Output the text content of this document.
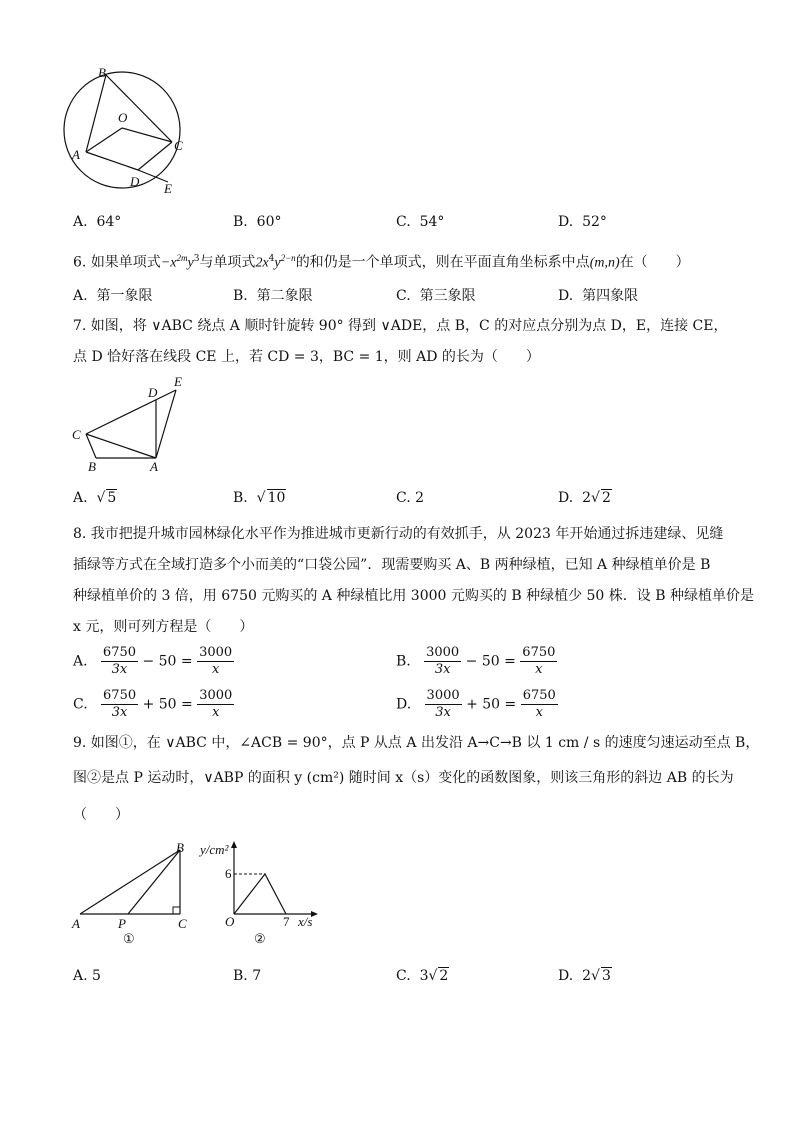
B
O
A
C
D E
A. 64°	B. 60°	C. 54°	D. 52°
6. 如果单项式$-x^{2m}y^3$与单项式$2x^4y^{2-n}$的和仍是一个单项式，则在平面直角坐标系中点(m,n)在（　　）
A. 第一象限	B. 第二象限	C. 第三象限	D. 第四象限
7. 如图，将 ∨ABC 绕点 A 顺时针旋转 90° 得到 ∨ADE，点 B，C 的对应点分别为点 D，E，连接 CE，
点 D 恰好落在线段 CE 上，若 CD = 3，BC = 1，则 AD 的长为（　　）
D
E
C
B	A
A.  √ 5	B.  √ 10	C. 2	D. 2√ 2
8. 我市把提升城市园林绿化水平作为推进城市更新行动的有效抓手，从 2023 年开始通过拆违建绿、见缝
插绿等方式在全域打造多个小而美的“口袋公园”．现需要购买 A、B 两种绿植，已知 A 种绿植单价是 B
种绿植单价的 3 倍，用 6750 元购买的 A 种绿植比用 3000 元购买的 B 种绿植少 50 株．设 B 种绿植单价是
x 元，则可列方程是（　　）
A. $\frac{6750}{3x} - 50 = \frac{3000}{x}$	B. $\frac{3000}{3x} - 50 = \frac{6750}{x}$
C. $\frac{6750}{3x} + 50 = \frac{3000}{x}$	D. $\frac{3000}{3x} + 50 = \frac{6750}{x}$
9. 如图①，在 ∨ABC 中，∠ACB = 90°，点 P 从点 A 出发沿 A→C→B 以 1 cm / s 的速度匀速运动至点 B，
图②是点 P 运动时，∨ABP 的面积 y (cm²) 随时间 x（s）变化的函数图象，则该三角形的斜边 AB 的长为
（　　）
B
A	P	C
①
y/cm²
6
O	7 x/s
②
A. 5	B. 7	C. 3√ 2	D. 2√ 3
